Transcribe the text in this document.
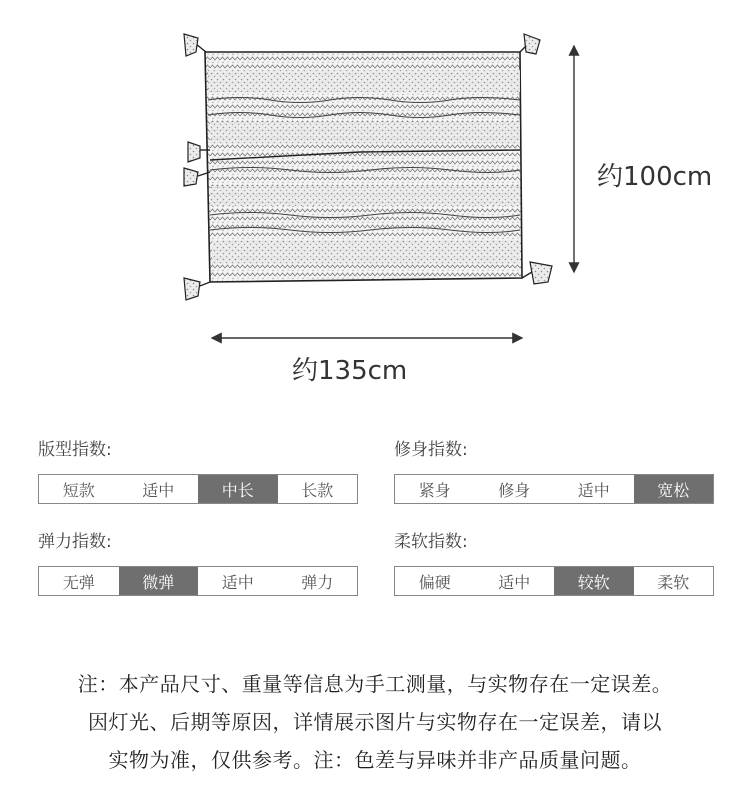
约135cm
约100cm
版型指数:
短款	适中	中长	长款
修身指数:
紧身	修身	适中	宽松
弹力指数:
无弹	微弹	适中	弹力
柔软指数:
偏硬	适中	较软	柔软
注：本产品尺寸、重量等信息为手工测量，与实物存在一定误差。
因灯光、后期等原因，详情展示图片与实物存在一定误差，请以
实物为准，仅供参考。注：色差与异味并非产品质量问题。
